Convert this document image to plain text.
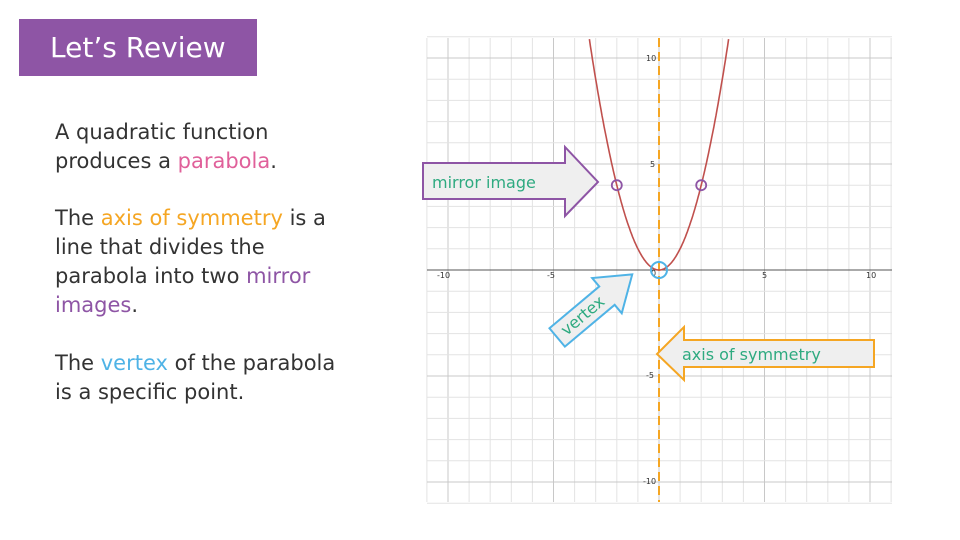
Let’s Review

A quadratic function produces a parabola.

The axis of symmetry is a line that divides the parabola into two mirror images.

The vertex of the parabola is a specific point.

-10	-5	5	10
10
5
0
-5
-10
mirror image
vertex
axis of symmetry
